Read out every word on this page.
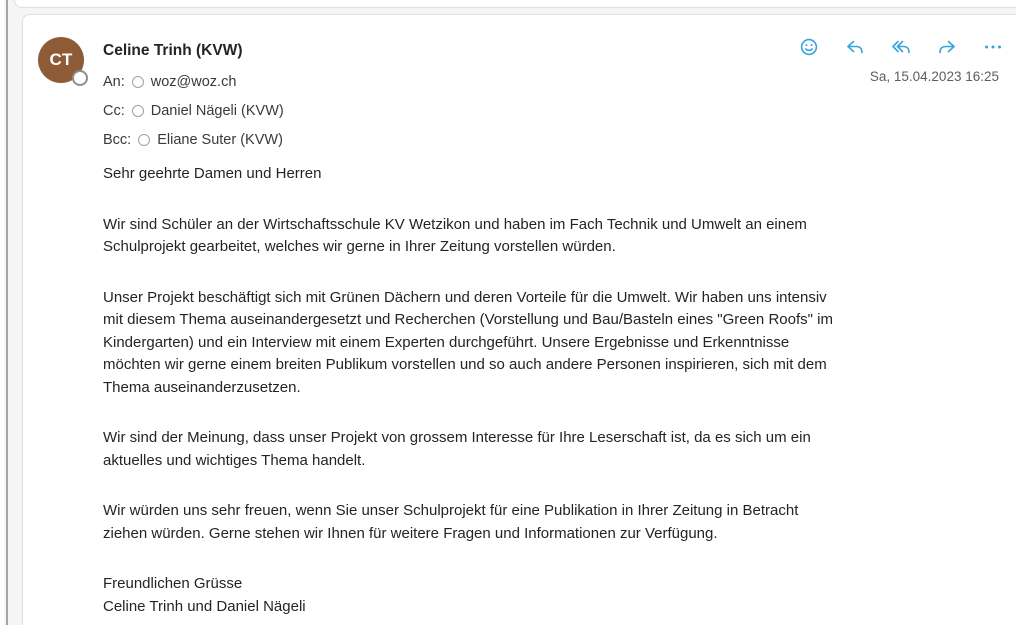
CT	Celine Trinh (KVW)
An: woz@woz.ch
Cc: Daniel Nägeli (KVW)
Bcc: Eliane Suter (KVW)
Sa, 15.04.2023 16:25
Sehr geehrte Damen und Herren
Wir sind Schüler an der Wirtschaftsschule KV Wetzikon und haben im Fach Technik und Umwelt an einem
Schulprojekt gearbeitet, welches wir gerne in Ihrer Zeitung vorstellen würden.
Unser Projekt beschäftigt sich mit Grünen Dächern und deren Vorteile für die Umwelt. Wir haben uns intensiv
mit diesem Thema auseinandergesetzt und Recherchen (Vorstellung und Bau/Basteln eines "Green Roofs" im
Kindergarten) und ein Interview mit einem Experten durchgeführt. Unsere Ergebnisse und Erkenntnisse
möchten wir gerne einem breiten Publikum vorstellen und so auch andere Personen inspirieren, sich mit dem
Thema auseinanderzusetzen.
Wir sind der Meinung, dass unser Projekt von grossem Interesse für Ihre Leserschaft ist, da es sich um ein
aktuelles und wichtiges Thema handelt.
Wir würden uns sehr freuen, wenn Sie unser Schulprojekt für eine Publikation in Ihrer Zeitung in Betracht
ziehen würden. Gerne stehen wir Ihnen für weitere Fragen und Informationen zur Verfügung.
Freundlichen Grüsse
Celine Trinh und Daniel Nägeli
